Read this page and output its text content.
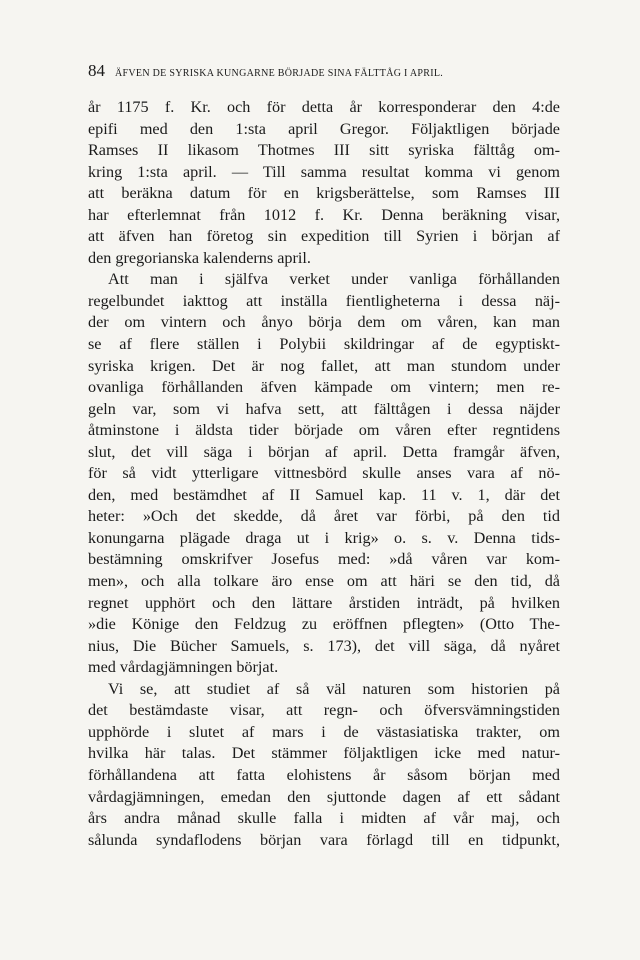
84 ÄFVEN DE SYRISKA KUNGARNE BÖRJADE SINA FÄLTTÅG I APRIL.
år 1175 f. Kr. och för detta år korresponderar den 4:de
epifi med den 1:sta april Gregor. Följaktligen började
Ramses II likasom Thotmes III sitt syriska fälttåg om-
kring 1:sta april. — Till samma resultat komma vi genom
att beräkna datum för en krigsberättelse, som Ramses III
har efterlemnat från 1012 f. Kr. Denna beräkning visar,
att äfven han företog sin expedition till Syrien i början af
den gregorianska kalenderns april.
Att man i själfva verket under vanliga förhållanden
regelbundet iakttog att inställa fientligheterna i dessa näj-
der om vintern och ånyo börja dem om våren, kan man
se af flere ställen i Polybii skildringar af de egyptiskt-
syriska krigen. Det är nog fallet, att man stundom under
ovanliga förhållanden äfven kämpade om vintern; men re-
geln var, som vi hafva sett, att fälttågen i dessa näjder
åtminstone i äldsta tider började om våren efter regntidens
slut, det vill säga i början af april. Detta framgår äfven,
för så vidt ytterligare vittnesbörd skulle anses vara af nö-
den, med bestämdhet af II Samuel kap. 11 v. 1, där det
heter: »Och det skedde, då året var förbi, på den tid
konungarna plägade draga ut i krig» o. s. v. Denna tids-
bestämning omskrifver Josefus med: »då våren var kom-
men», och alla tolkare äro ense om att häri se den tid, då
regnet upphört och den lättare årstiden inträdt, på hvilken
»die Könige den Feldzug zu eröffnen pflegten» (Otto The-
nius, Die Bücher Samuels, s. 173), det vill säga, då nyåret
med vårdagjämningen börjat.
Vi se, att studiet af så väl naturen som historien på
det bestämdaste visar, att regn- och öfversvämningstiden
upphörde i slutet af mars i de västasiatiska trakter, om
hvilka här talas. Det stämmer följaktligen icke med natur-
förhållandena att fatta elohistens år såsom början med
vårdagjämningen, emedan den sjuttonde dagen af ett sådant
års andra månad skulle falla i midten af vår maj, och
sålunda syndaflodens början vara förlagd till en tidpunkt,
